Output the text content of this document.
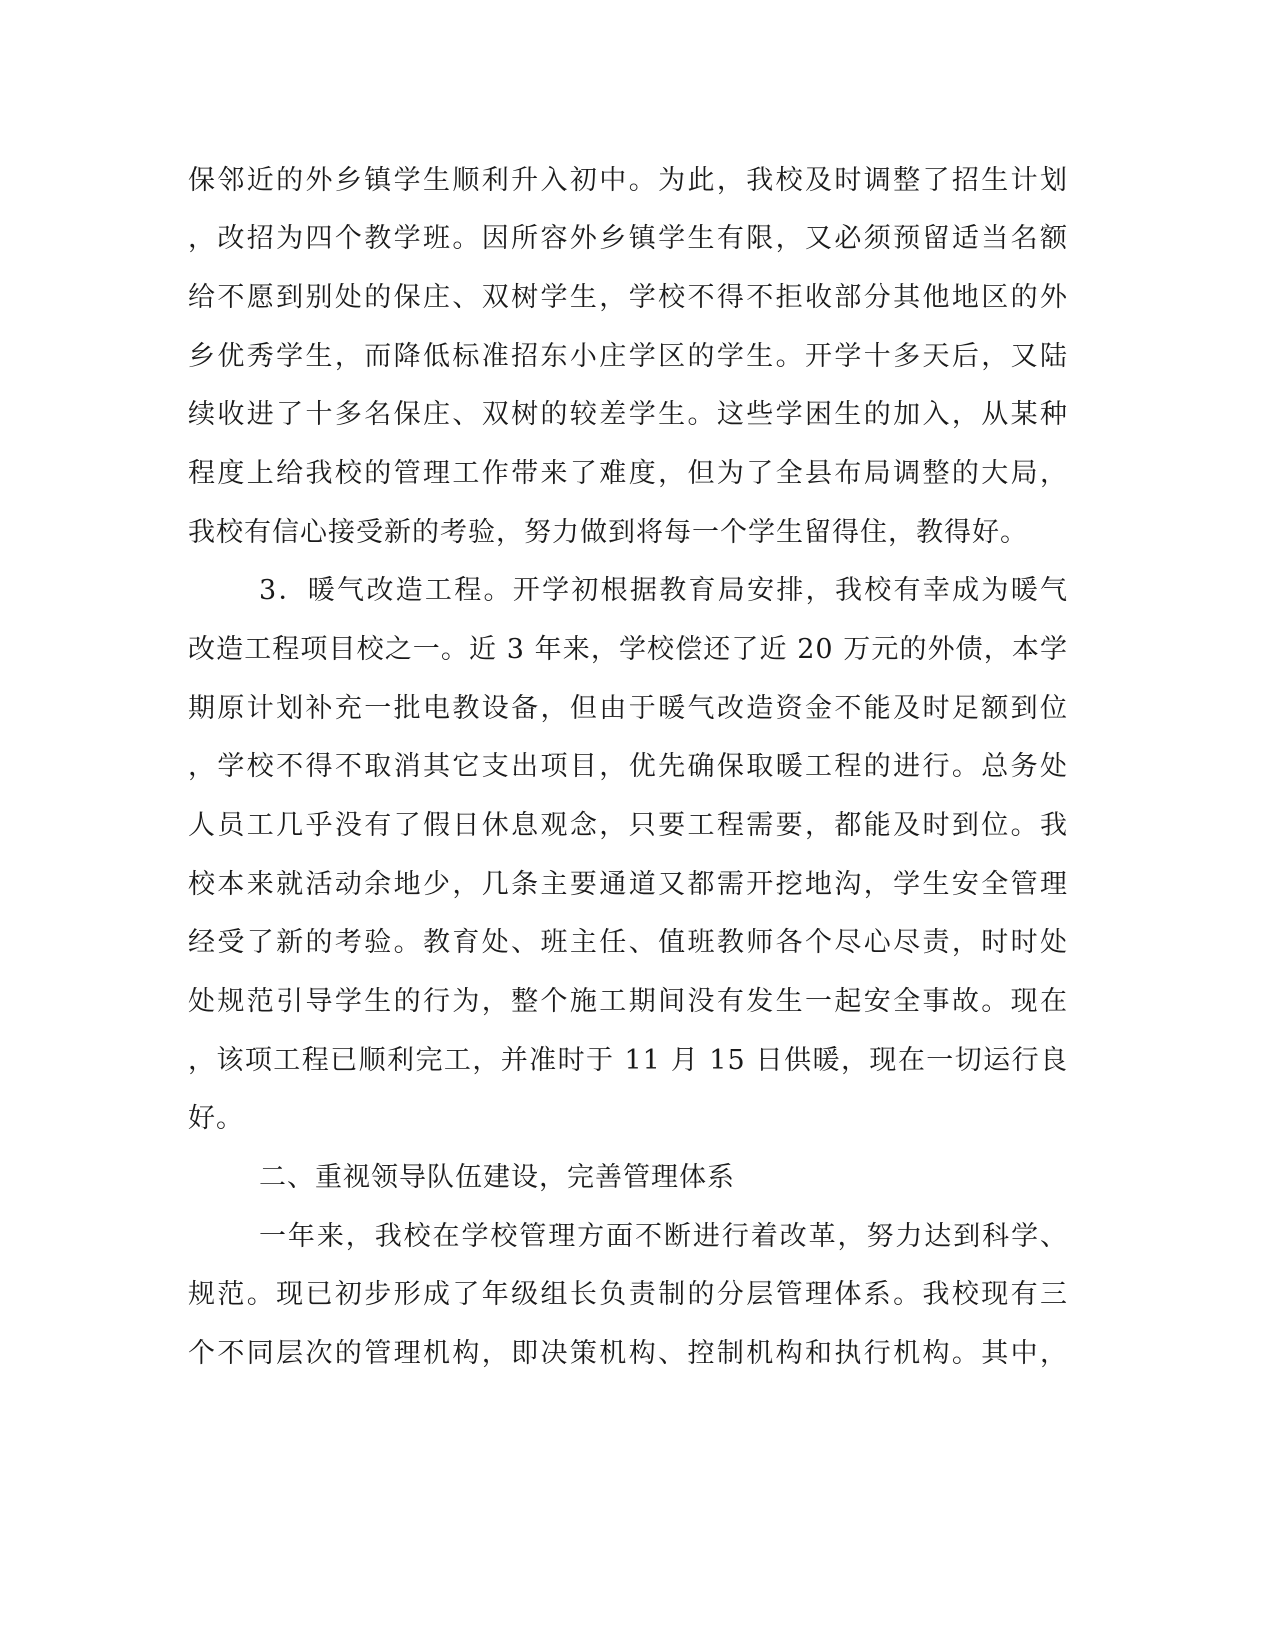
保邻近的外乡镇学生顺利升入初中。为此，我校及时调整了招生计划

，改招为四个教学班。因所容外乡镇学生有限，又必须预留适当名额

给不愿到别处的保庄、双树学生，学校不得不拒收部分其他地区的外

乡优秀学生，而降低标准招东小庄学区的学生。开学十多天后，又陆

续收进了十多名保庄、双树的较差学生。这些学困生的加入，从某种

程度上给我校的管理工作带来了难度，但为了全县布局调整的大局，

我校有信心接受新的考验，努力做到将每一个学生留得住，教得好。

3．暖气改造工程。开学初根据教育局安排，我校有幸成为暖气

改造工程项目校之一。近 3 年来，学校偿还了近 20 万元的外债，本学

期原计划补充一批电教设备，但由于暖气改造资金不能及时足额到位

，学校不得不取消其它支出项目，优先确保取暖工程的进行。总务处

人员工几乎没有了假日休息观念，只要工程需要，都能及时到位。我

校本来就活动余地少，几条主要通道又都需开挖地沟，学生安全管理

经受了新的考验。教育处、班主任、值班教师各个尽心尽责，时时处

处规范引导学生的行为，整个施工期间没有发生一起安全事故。现在

，该项工程已顺利完工，并准时于 11 月 15 日供暖，现在一切运行良

好。

二、重视领导队伍建设，完善管理体系

一年来，我校在学校管理方面不断进行着改革，努力达到科学、

规范。现已初步形成了年级组长负责制的分层管理体系。我校现有三

个不同层次的管理机构，即决策机构、控制机构和执行机构。其中，
